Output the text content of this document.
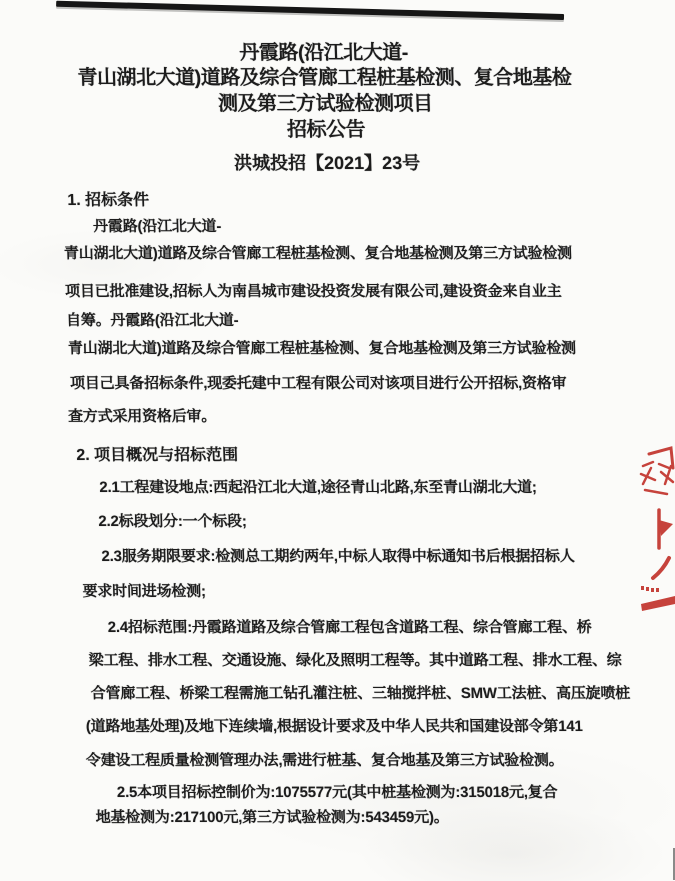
丹霞路(沿江北大道-
青山湖北大道)道路及综合管廊工程桩基检测、复合地基检
测及第三方试验检测项目
招标公告
洪城投招【2021】23号
1. 招标条件
丹霞路(沿江北大道-
青山湖北大道)道路及综合管廊工程桩基检测、复合地基检测及第三方试验检测
项目已批准建设,招标人为南昌城市建设投资发展有限公司,建设资金来自业主
自筹。丹霞路(沿江北大道-
青山湖北大道)道路及综合管廊工程桩基检测、复合地基检测及第三方试验检测
项目己具备招标条件,现委托建中工程有限公司对该项目进行公开招标,资格审
查方式采用资格后审。
2. 项目概况与招标范围
2.1工程建设地点:西起沿江北大道,途径青山北路,东至青山湖北大道;
2.2标段划分:一个标段;
2.3服务期限要求:检测总工期约两年,中标人取得中标通知书后根据招标人
要求时间进场检测;
2.4招标范围:丹霞路道路及综合管廊工程包含道路工程、综合管廊工程、桥
梁工程、排水工程、交通设施、绿化及照明工程等。其中道路工程、排水工程、综
合管廊工程、桥梁工程需施工钻孔灌注桩、三轴搅拌桩、SMW工法桩、高压旋喷桩
(道路地基处理)及地下连续墙,根据设计要求及中华人民共和国建设部令第141
令建设工程质量检测管理办法,需进行桩基、复合地基及第三方试验检测。
2.5本项目招标控制价为:1075577元(其中桩基检测为:315018元,复合
地基检测为:217100元,第三方试验检测为:543459元)。
